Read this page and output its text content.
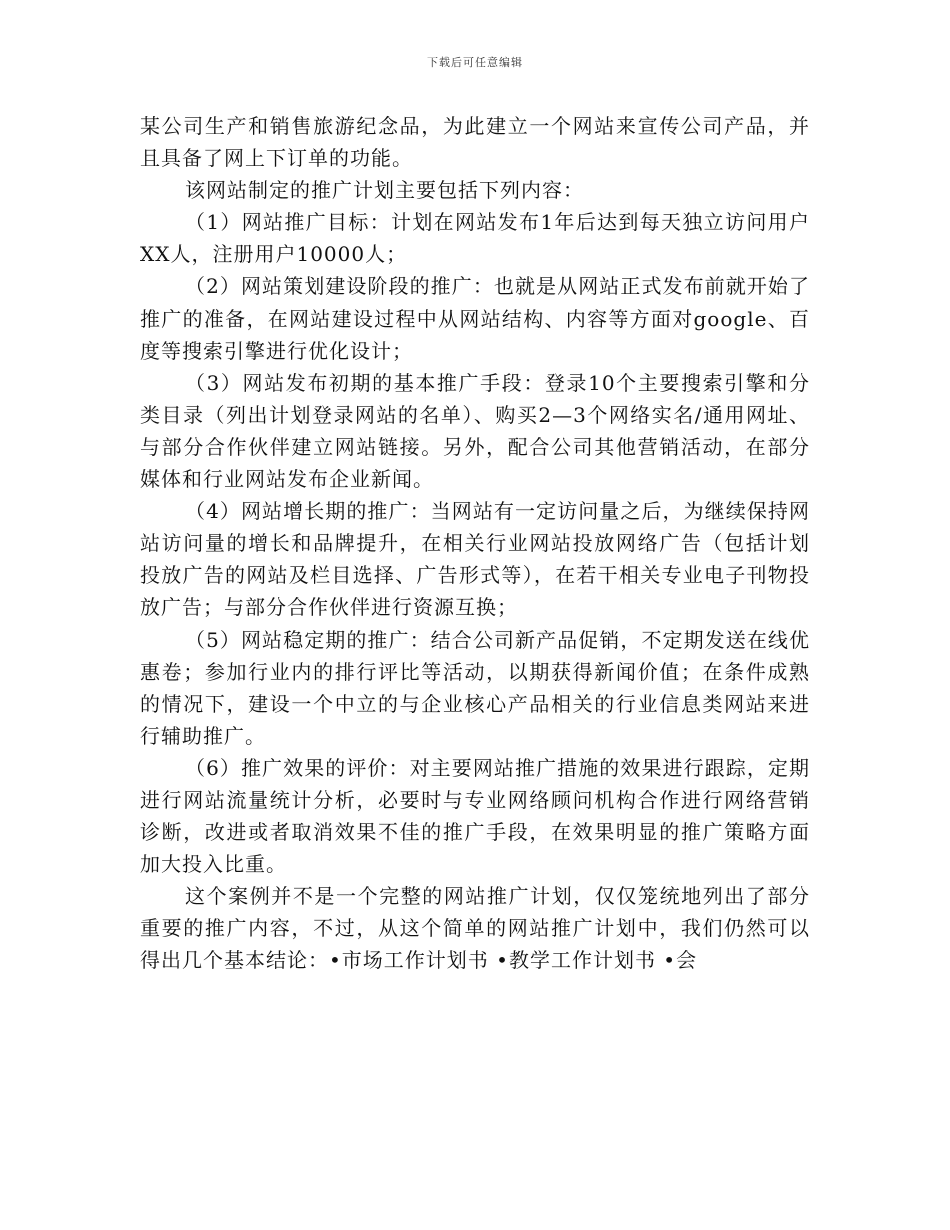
下载后可任意编辑

某公司生产和销售旅游纪念品，为此建立一个网站来宣传公司产品，并且具备了网上下订单的功能。

该网站制定的推广计划主要包括下列内容：

（1）网站推广目标：计划在网站发布1年后达到每天独立访问用户XX人，注册用户10000人；

（2）网站策划建设阶段的推广：也就是从网站正式发布前就开始了推广的准备，在网站建设过程中从网站结构、内容等方面对google、百度等搜索引擎进行优化设计；

（3）网站发布初期的基本推广手段：登录10个主要搜索引擎和分类目录（列出计划登录网站的名单）、购买2—3个网络实名/通用网址、与部分合作伙伴建立网站链接。另外，配合公司其他营销活动，在部分媒体和行业网站发布企业新闻。

（4）网站增长期的推广：当网站有一定访问量之后，为继续保持网站访问量的增长和品牌提升，在相关行业网站投放网络广告（包括计划投放广告的网站及栏目选择、广告形式等），在若干相关专业电子刊物投放广告；与部分合作伙伴进行资源互换；

（5）网站稳定期的推广：结合公司新产品促销，不定期发送在线优惠卷；参加行业内的排行评比等活动，以期获得新闻价值；在条件成熟的情况下，建设一个中立的与企业核心产品相关的行业信息类网站来进行辅助推广。

（6）推广效果的评价：对主要网站推广措施的效果进行跟踪，定期进行网站流量统计分析，必要时与专业网络顾问机构合作进行网络营销诊断，改进或者取消效果不佳的推广手段，在效果明显的推广策略方面加大投入比重。

这个案例并不是一个完整的网站推广计划，仅仅笼统地列出了部分重要的推广内容，不过，从这个简单的网站推广计划中，我们仍然可以得出几个基本结论：•市场工作计划书 •教学工作计划书 •会
